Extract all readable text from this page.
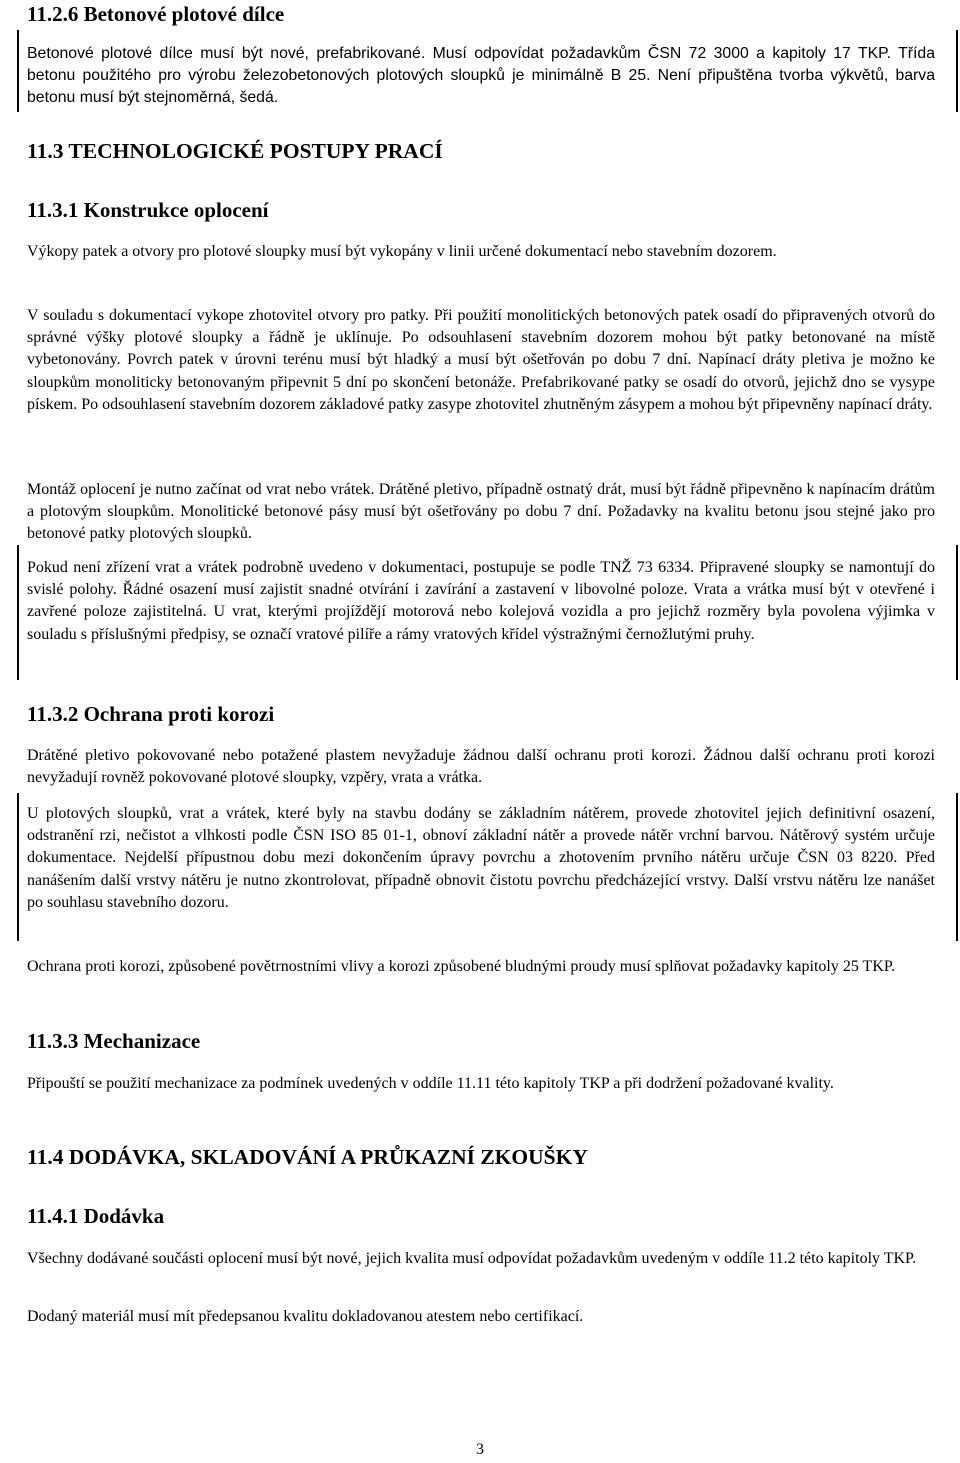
11.2.6 Betonové plotové dílce

Betonové plotové dílce musí být nové, prefabrikované. Musí odpovídat požadavkům ČSN 72 3000 a kapitoly 17 TKP. Třída betonu použitého pro výrobu železobetonových plotových sloupků je minimálně B 25. Není připuštěna tvorba výkvětů, barva betonu musí být stejnoměrná, šedá.

11.3 TECHNOLOGICKÉ POSTUPY PRACÍ
11.3.1 Konstrukce oplocení

Výkopy patek a otvory pro plotové sloupky musí být vykopány v linii určené dokumentací nebo stavebním dozorem.

V souladu s dokumentací vykope zhotovitel otvory pro patky. Při použití monolitických betonových patek osadí do připravených otvorů do správné výšky plotové sloupky a řádně je uklínuje. Po odsouhlasení stavebním dozorem mohou být patky betonované na místě vybetonovány. Povrch patek v úrovni terénu musí být hladký a musí být ošetřován po dobu 7 dní. Napínací dráty pletiva je možno ke sloupkům monoliticky betonovaným připevnit 5 dní po skončení betonáže. Prefabrikované patky se osadí do otvorů, jejichž dno se vysype pískem. Po odsouhlasení stavebním dozorem základové patky zasype zhotovitel zhutněným zásypem a mohou být připevněny napínací dráty.

Montáž oplocení je nutno začínat od vrat nebo vrátek. Drátěné pletivo, případně ostnatý drát, musí být řádně připevněno k napínacím drátům a plotovým sloupkům. Monolitické betonové pásy musí být ošetřovány po dobu 7 dní. Požadavky na kvalitu betonu jsou stejné jako pro betonové patky plotových sloupků.

Pokud není zřízení vrat a vrátek podrobně uvedeno v dokumentaci, postupuje se podle TNŽ 73 6334. Připravené sloupky se namontují do svislé polohy. Řádné osazení musí zajistit snadné otvírání i zavírání a zastavení v libovolné poloze. Vrata a vrátka musí být v otevřené i zavřené poloze zajistitelná. U vrat, kterými projíždějí motorová nebo kolejová vozidla a pro jejichž rozměry byla povolena výjimka v souladu s příslušnými předpisy, se označí vratové pilíře a rámy vratových křídel výstražnými černožlutými pruhy.

11.3.2 Ochrana proti korozi

Drátěné pletivo pokovované nebo potažené plastem nevyžaduje žádnou další ochranu proti korozi. Žádnou další ochranu proti korozi nevyžadují rovněž pokovované plotové sloupky, vzpěry, vrata a vrátka.

U plotových sloupků, vrat a vrátek, které byly na stavbu dodány se základním nátěrem, provede zhotovitel jejich definitivní osazení, odstranění rzi, nečistot a vlhkosti podle ČSN ISO 85 01-1, obnoví základní nátěr a provede nátěr vrchní barvou. Nátěrový systém určuje dokumentace. Nejdelší přípustnou dobu mezi dokončením úpravy povrchu a zhotovením prvního nátěru určuje ČSN 03 8220. Před nanášením další vrstvy nátěru je nutno zkontrolovat, případně obnovit čistotu povrchu předcházející vrstvy. Další vrstvu nátěru lze nanášet po souhlasu stavebního dozoru.

Ochrana proti korozi, způsobené povětrnostními vlivy a korozi způsobené bludnými proudy musí splňovat požadavky kapitoly 25 TKP.

11.3.3 Mechanizace

Připouští se použití mechanizace za podmínek uvedených v oddíle 11.11 této kapitoly TKP a při dodržení požadované kvality.

11.4 DODÁVKA, SKLADOVÁNÍ A PRŮKAZNÍ ZKOUŠKY
11.4.1 Dodávka

Všechny dodávané součásti oplocení musí být nové, jejich kvalita musí odpovídat požadavkům uvedeným v oddíle 11.2 této kapitoly TKP.

Dodaný materiál musí mít předepsanou kvalitu dokladovanou atestem nebo certifikací.

3
